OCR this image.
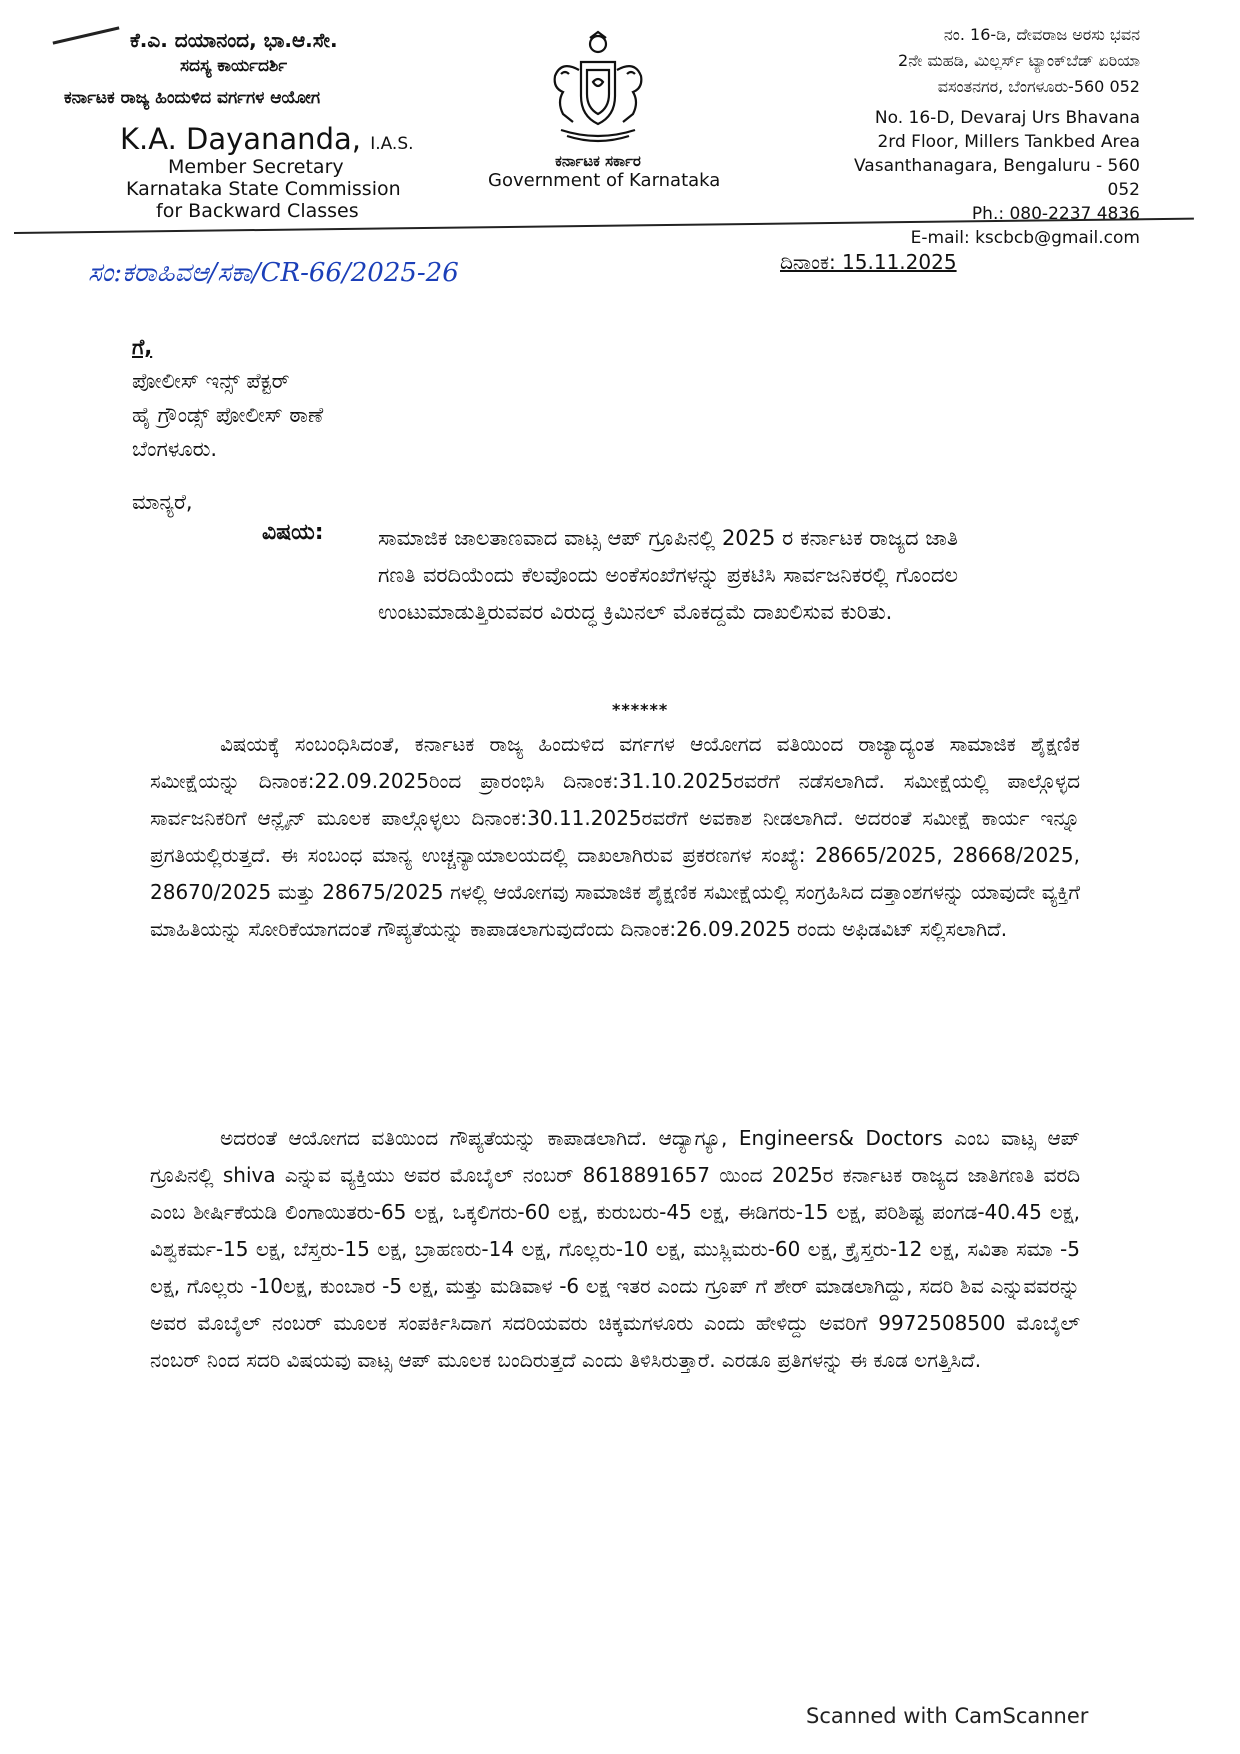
ಕೆ.ಎ. ದಯಾನಂದ, ಭಾ.ಆ.ಸೇ.
ಸದಸ್ಯ ಕಾರ್ಯದರ್ಶಿ
ಕರ್ನಾಟಕ ರಾಜ್ಯ ಹಿಂದುಳಿದ ವರ್ಗಗಳ ಆಯೋಗ
K.A. Dayananda, I.A.S.
Member Secretary
Karnataka State Commission
for Backward Classes
ಕರ್ನಾಟಕ ಸರ್ಕಾರ
Government of Karnataka
ನಂ. 16-ಡಿ, ದೇವರಾಜ ಅರಸು ಭವನ
2ನೇ ಮಹಡಿ, ಮಿಲ್ಲರ್ಸ್ ಟ್ಯಾಂಕ್‌ಬೆಡ್ ಏರಿಯಾ
ವಸಂತನಗರ, ಬೆಂಗಳೂರು-560 052
No. 16-D, Devaraj Urs Bhavana
2rd Floor, Millers Tankbed Area
Vasanthanagara, Bengaluru - 560 052
Ph.: 080-2237 4836
E-mail: kscbcb@gmail.com
ಸಂ:ಕರಾಹಿವಆ/ಸಕಾ/CR-66/2025-26	ದಿನಾಂಕ: 15.11.2025
ಗೆ,
ಪೋಲೀಸ್ ಇನ್ಸ್ ಪೆಕ್ಟರ್
ಹೈ ಗ್ರೌಂಡ್ಸ್ ಪೋಲೀಸ್ ಠಾಣೆ
ಬೆಂಗಳೂರು.
ಮಾನ್ಯರೆ,
ವಿಷಯ:	ಸಾಮಾಜಿಕ ಜಾಲತಾಣವಾದ ವಾಟ್ಸ ಆಪ್ ಗ್ರೂಪಿನಲ್ಲಿ 2025 ರ ಕರ್ನಾಟಕ ರಾಜ್ಯದ ಜಾತಿ ಗಣತಿ ವರದಿಯೆಂದು ಕೆಲವೊಂದು ಅಂಕೆಸಂಖೆಗಳನ್ನು ಪ್ರಕಟಿಸಿ ಸಾರ್ವಜನಿಕರಲ್ಲಿ ಗೊಂದಲ ಉಂಟುಮಾಡುತ್ತಿರುವವರ ವಿರುದ್ಧ ಕ್ರಿಮಿನಲ್ ಮೊಕದ್ದಮೆ ದಾಖಲಿಸುವ ಕುರಿತು.
******
ವಿಷಯಕ್ಕೆ ಸಂಬಂಧಿಸಿದಂತೆ, ಕರ್ನಾಟಕ ರಾಜ್ಯ ಹಿಂದುಳಿದ ವರ್ಗಗಳ ಆಯೋಗದ ವತಿಯಿಂದ ರಾಜ್ಯಾದ್ಯಂತ ಸಾಮಾಜಿಕ ಶೈಕ್ಷಣಿಕ ಸಮೀಕ್ಷೆಯನ್ನು ದಿನಾಂಕ:22.09.2025ರಿಂದ ಪ್ರಾರಂಭಿಸಿ ದಿನಾಂಕ:31.10.2025ರವರೆಗೆ ನಡೆಸಲಾಗಿದೆ. ಸಮೀಕ್ಷೆಯಲ್ಲಿ ಪಾಲ್ಗೊಳ್ಳದ ಸಾರ್ವಜನಿಕರಿಗೆ ಆನ್ಲೈನ್ ಮೂಲಕ ಪಾಲ್ಗೊಳ್ಳಲು ದಿನಾಂಕ:30.11.2025ರವರೆಗೆ ಅವಕಾಶ ನೀಡಲಾಗಿದೆ. ಅದರಂತೆ ಸಮೀಕ್ಷೆ ಕಾರ್ಯ ಇನ್ನೂ ಪ್ರಗತಿಯಲ್ಲಿರುತ್ತದೆ. ಈ ಸಂಬಂಧ ಮಾನ್ಯ ಉಚ್ಚನ್ಯಾಯಾಲಯದಲ್ಲಿ ದಾಖಲಾಗಿರುವ ಪ್ರಕರಣಗಳ ಸಂಖ್ಯೆ: 28665/2025, 28668/2025, 28670/2025 ಮತ್ತು 28675/2025 ಗಳಲ್ಲಿ ಆಯೋಗವು ಸಾಮಾಜಿಕ ಶೈಕ್ಷಣಿಕ ಸಮೀಕ್ಷೆಯಲ್ಲಿ ಸಂಗ್ರಹಿಸಿದ ದತ್ತಾಂಶಗಳನ್ನು ಯಾವುದೇ ವ್ಯಕ್ತಿಗೆ ಮಾಹಿತಿಯನ್ನು ಸೋರಿಕೆಯಾಗದಂತೆ ಗೌಪ್ಯತೆಯನ್ನು ಕಾಪಾಡಲಾಗುವುದೆಂದು ದಿನಾಂಕ:26.09.2025 ರಂದು ಅಫಿಡವಿಟ್ ಸಲ್ಲಿಸಲಾಗಿದೆ.
ಅದರಂತೆ ಆಯೋಗದ ವತಿಯಿಂದ ಗೌಪ್ಯತೆಯನ್ನು ಕಾಪಾಡಲಾಗಿದೆ. ಆದ್ಯಾಗ್ಯೂ, Engineers& Doctors ಎಂಬ ವಾಟ್ಸ ಆಪ್ ಗ್ರೂಪಿನಲ್ಲಿ shiva ಎನ್ನುವ ವ್ಯಕ್ತಿಯು ಅವರ ಮೊಬೈಲ್ ನಂಬರ್ 8618891657 ಯಿಂದ 2025ರ ಕರ್ನಾಟಕ ರಾಜ್ಯದ ಜಾತಿಗಣತಿ ವರದಿ ಎಂಬ ಶೀರ್ಷಿಕೆಯಡಿ ಲಿಂಗಾಯಿತರು-65 ಲಕ್ಷ, ಒಕ್ಕಲಿಗರು-60 ಲಕ್ಷ, ಕುರುಬರು-45 ಲಕ್ಷ, ಈಡಿಗರು-15 ಲಕ್ಷ, ಪರಿಶಿಷ್ಟ ಪಂಗಡ-40.45 ಲಕ್ಷ, ವಿಶ್ವಕರ್ಮ-15 ಲಕ್ಷ, ಬೆಸ್ತರು-15 ಲಕ್ಷ, ಬ್ರಾಹಣರು-14 ಲಕ್ಷ, ಗೊಲ್ಲರು-10 ಲಕ್ಷ, ಮುಸ್ಲಿಮರು-60 ಲಕ್ಷ, ಕ್ರೈಸ್ತರು-12 ಲಕ್ಷ, ಸವಿತಾ ಸಮಾ -5 ಲಕ್ಷ, ಗೊಲ್ಲರು -10ಲಕ್ಷ, ಕುಂಬಾರ -5 ಲಕ್ಷ, ಮತ್ತು ಮಡಿವಾಳ -6 ಲಕ್ಷ ಇತರ ಎಂದು ಗ್ರೂಪ್ ಗೆ ಶೇರ್ ಮಾಡಲಾಗಿದ್ದು, ಸದರಿ ಶಿವ ಎನ್ನುವವರನ್ನು ಅವರ ಮೊಬೈಲ್ ನಂಬರ್ ಮೂಲಕ ಸಂಪರ್ಕಿಸಿದಾಗ ಸದರಿಯವರು ಚಿಕ್ಕಮಗಳೂರು ಎಂದು ಹೇಳಿದ್ದು ಅವರಿಗೆ 9972508500 ಮೊಬೈಲ್ ನಂಬರ್ ನಿಂದ ಸದರಿ ವಿಷಯವು ವಾಟ್ಸ ಆಪ್ ಮೂಲಕ ಬಂದಿರುತ್ತದೆ ಎಂದು ತಿಳಿಸಿರುತ್ತಾರೆ. ಎರಡೂ ಪ್ರತಿಗಳನ್ನು ಈ ಕೂಡ ಲಗತ್ತಿಸಿದೆ.
Scanned with CamScanner
